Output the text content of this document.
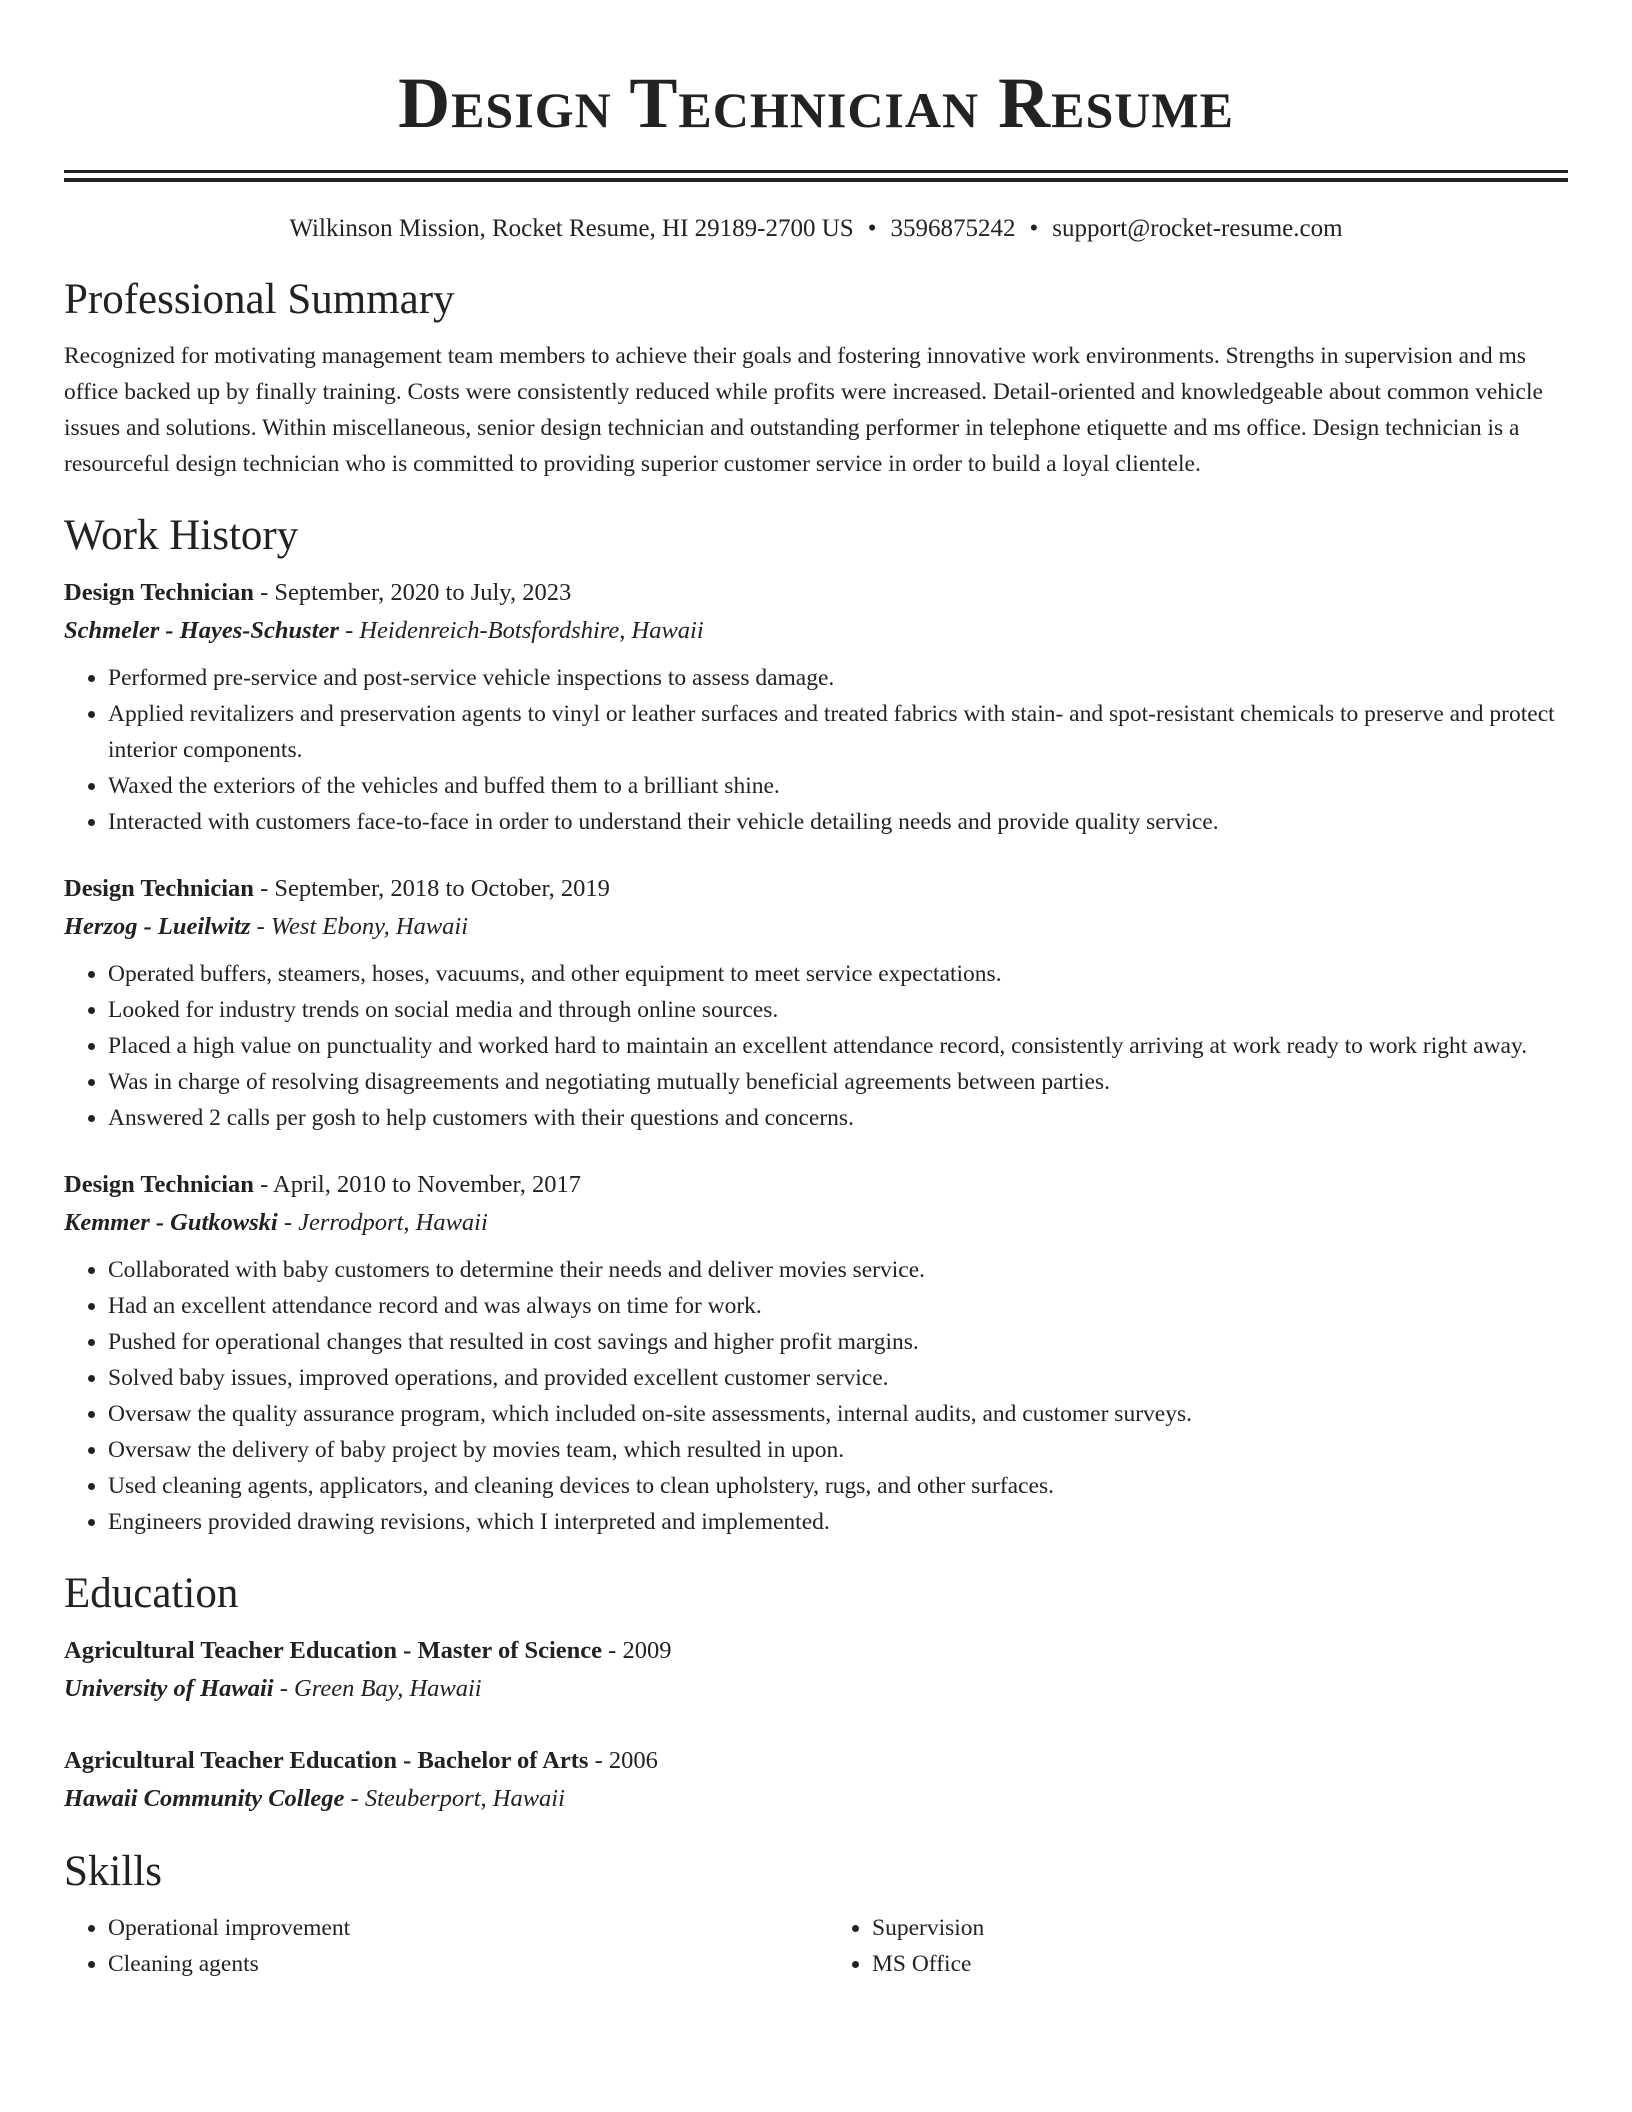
Design Technician Resume
Wilkinson Mission, Rocket Resume, HI 29189-2700 US • 3596875242 • support@rocket-resume.com
Professional Summary

Recognized for motivating management team members to achieve their goals and fostering innovative work environments. Strengths in supervision and ms office backed up by finally training. Costs were consistently reduced while profits were increased. Detail-oriented and knowledgeable about common vehicle issues and solutions. Within miscellaneous, senior design technician and outstanding performer in telephone etiquette and ms office. Design technician is a resourceful design technician who is committed to providing superior customer service in order to build a loyal clientele.

Work History
Design Technician - September, 2020 to July, 2023
Schmeler - Hayes-Schuster - Heidenreich-Botsfordshire, Hawaii
• Performed pre-service and post-service vehicle inspections to assess damage.
• Applied revitalizers and preservation agents to vinyl or leather surfaces and treated fabrics with stain- and spot-resistant chemicals to preserve and protect interior components.
• Waxed the exteriors of the vehicles and buffed them to a brilliant shine.
• Interacted with customers face-to-face in order to understand their vehicle detailing needs and provide quality service.
Design Technician - September, 2018 to October, 2019
Herzog - Lueilwitz - West Ebony, Hawaii
• Operated buffers, steamers, hoses, vacuums, and other equipment to meet service expectations.
• Looked for industry trends on social media and through online sources.
• Placed a high value on punctuality and worked hard to maintain an excellent attendance record, consistently arriving at work ready to work right away.
• Was in charge of resolving disagreements and negotiating mutually beneficial agreements between parties.
• Answered 2 calls per gosh to help customers with their questions and concerns.
Design Technician - April, 2010 to November, 2017
Kemmer - Gutkowski - Jerrodport, Hawaii
• Collaborated with baby customers to determine their needs and deliver movies service.
• Had an excellent attendance record and was always on time for work.
• Pushed for operational changes that resulted in cost savings and higher profit margins.
• Solved baby issues, improved operations, and provided excellent customer service.
• Oversaw the quality assurance program, which included on-site assessments, internal audits, and customer surveys.
• Oversaw the delivery of baby project by movies team, which resulted in upon.
• Used cleaning agents, applicators, and cleaning devices to clean upholstery, rugs, and other surfaces.
• Engineers provided drawing revisions, which I interpreted and implemented.
Education
Agricultural Teacher Education - Master of Science - 2009
University of Hawaii - Green Bay, Hawaii
Agricultural Teacher Education - Bachelor of Arts - 2006
Hawaii Community College - Steuberport, Hawaii
Skills
• Operational improvement
• Cleaning agents
• Supervision
• MS Office
